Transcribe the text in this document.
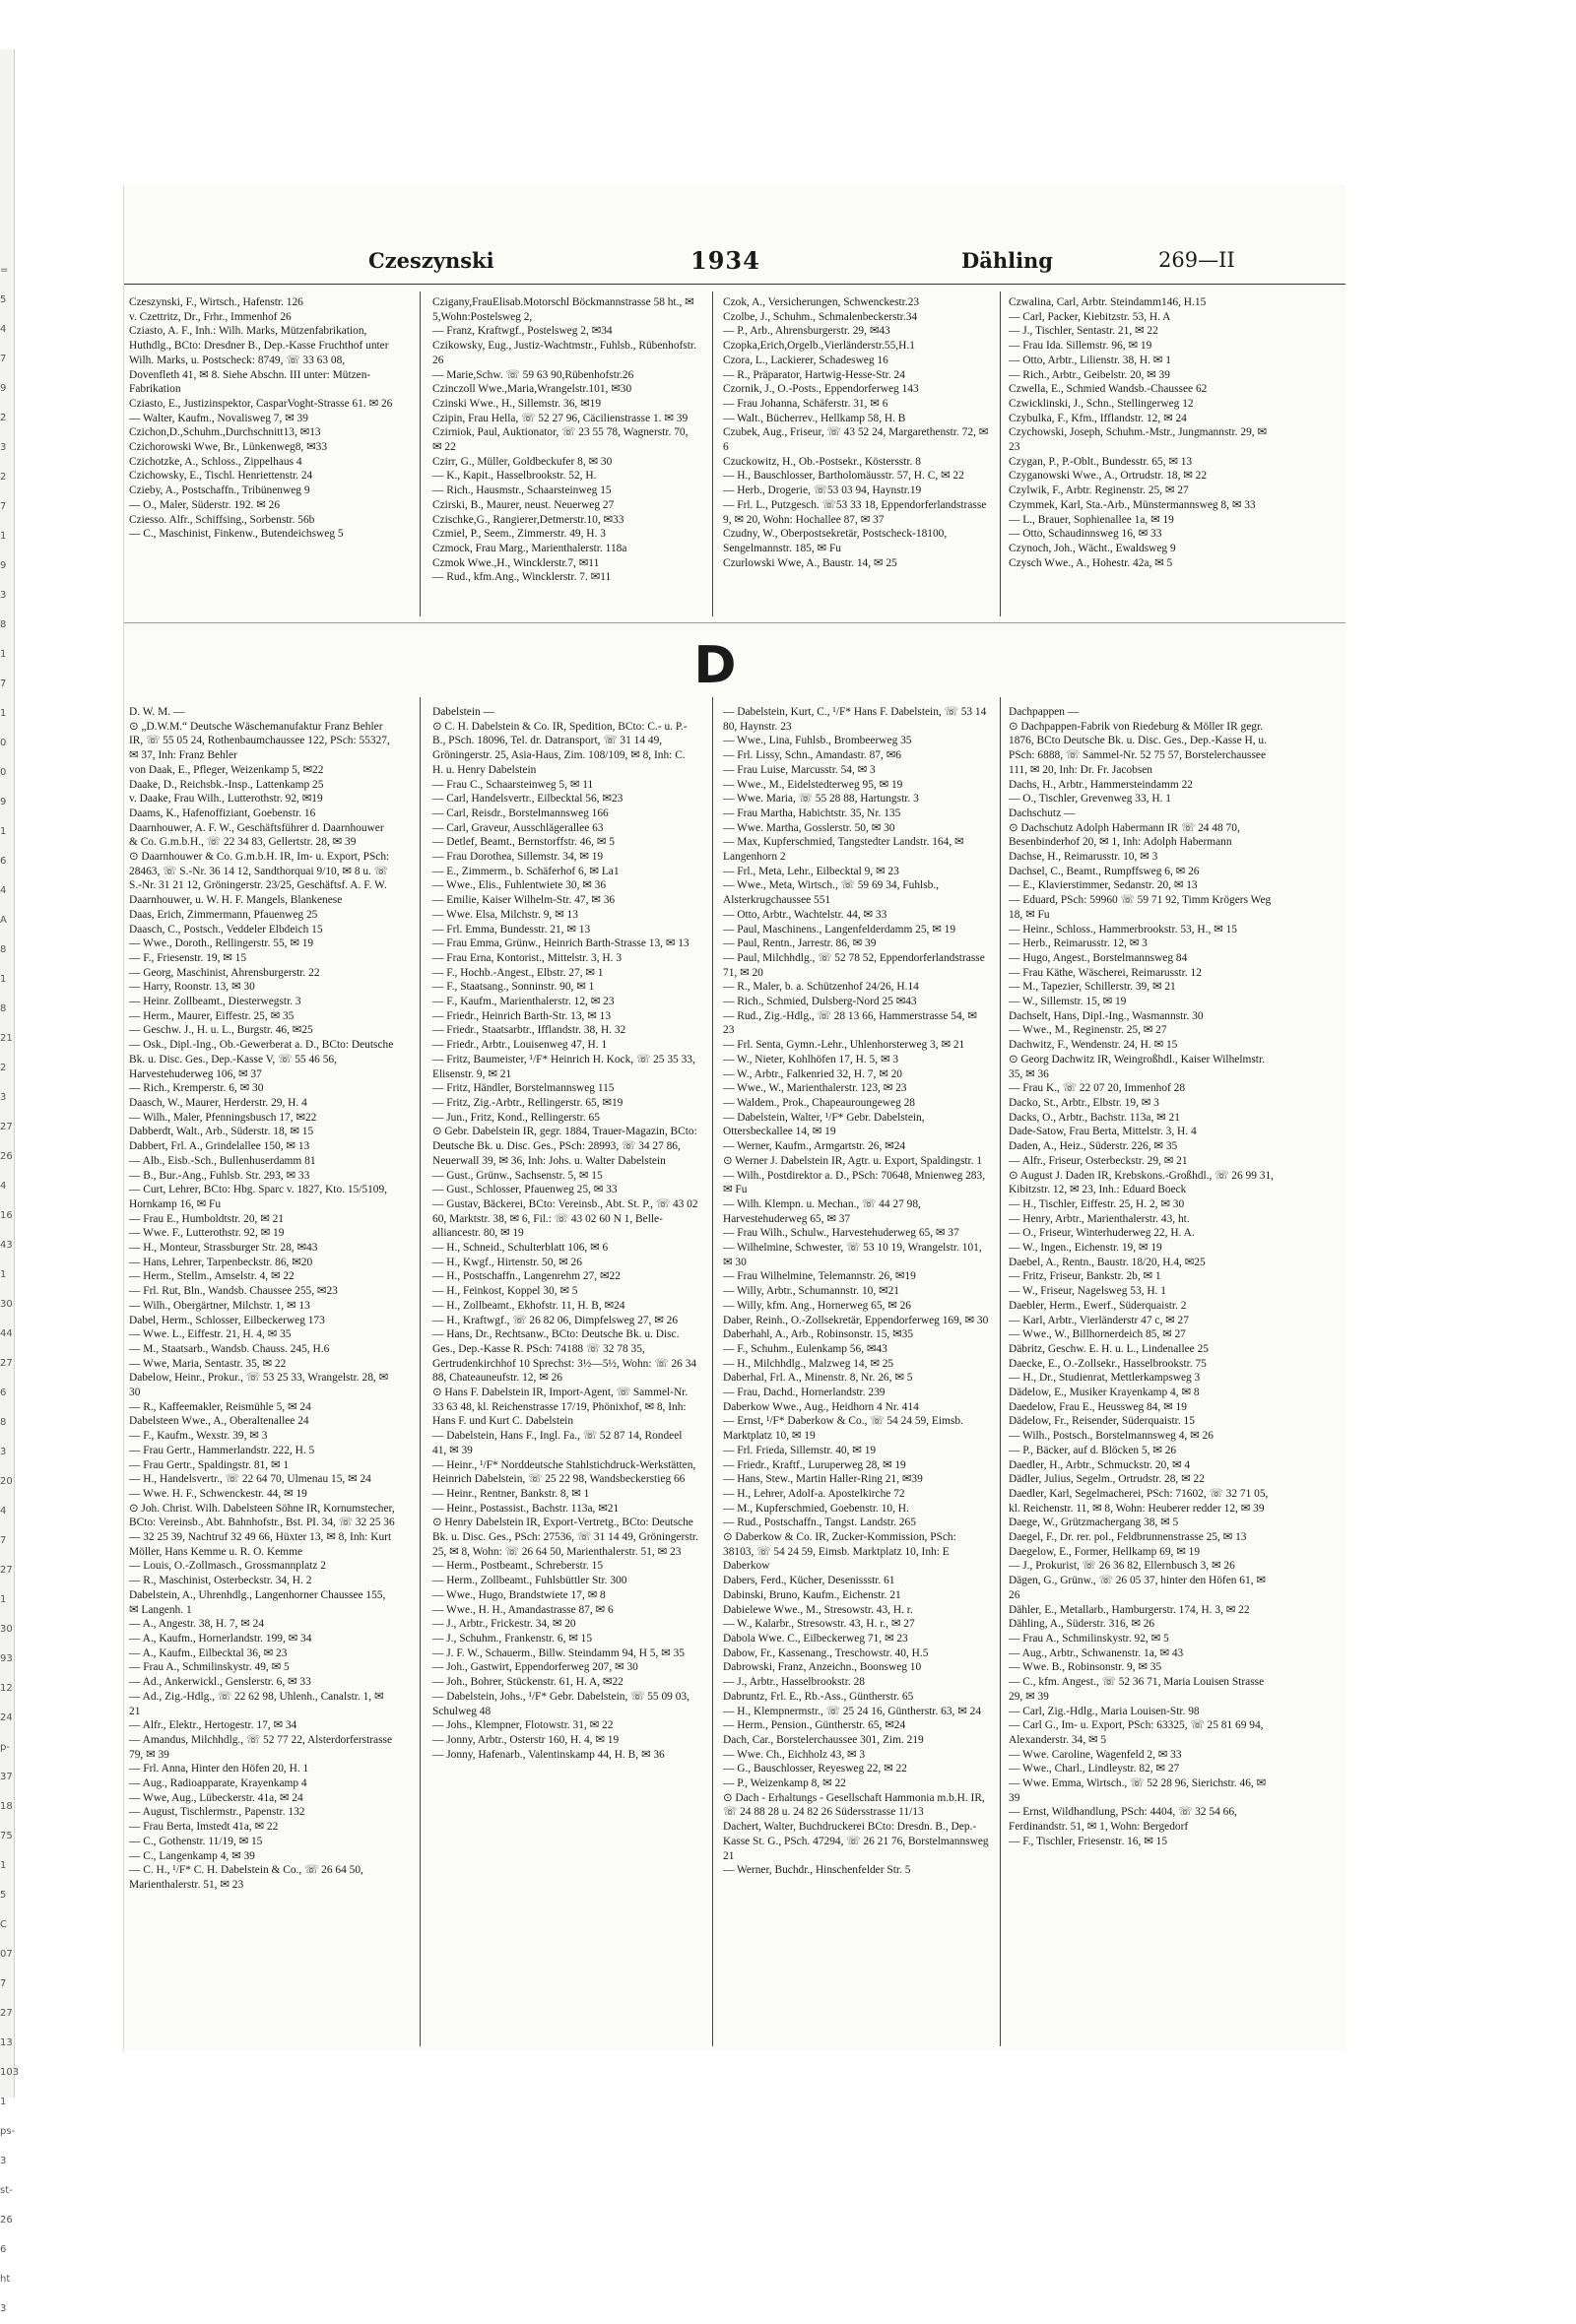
= 5 4 7 9 2 3 2 7 1 9 3 8 1 7 1 0 0 9 1 6 4 A 8 1 8 21 2 3 27 26 4 16 43 1 30 44 27 6 8 3 20 4 7 27 1 30 93 12 24 p- 37 18 75 1 5 C 07 7 27 13 103 1 ps- 3 st- 26 6 ht 3
Czeszynski	1934	Dähling	269—II

Czeszynski, F., Wirtsch., Hafenstr. 126

v. Czettritz, Dr., Frhr., Immenhof 26

Cziasto, A. F., Inh.: Wilh. Marks, Mützenfabrikation, Huthdlg., BCto: Dresdner B., Dep.-Kasse Fruchthof unter Wilh. Marks, u. Postscheck: 8749, ☏ 33 63 08, Dovenfleth 41, ✉ 8. Siehe Abschn. III unter: Mützen-Fabrikation

Cziasto, E., Justizinspektor, CasparVoght-Strasse 61. ✉ 26

— Walter, Kaufm., Novalisweg 7, ✉ 39

Czichon,D.,Schuhm.,Durchschnitt13, ✉13

Czichorowski Wwe, Br., Lünkenweg8, ✉33

Czichotzke, A., Schloss., Zippelhaus 4

Czichowsky, E., Tischl. Henriettenstr. 24

Czieby, A., Postschaffn., Tribünenweg 9

— O., Maler, Süderstr. 192. ✉ 26

Cziesso. Alfr., Schiffsing., Sorbenstr. 56b

— C., Maschinist, Finkenw., Butendeichsweg 5

Czigany,FrauElisab.Motorschl Böckmannstrasse 58 ht., ✉5,Wohn:Postelsweg 2,

— Franz, Kraftwgf., Postelsweg 2, ✉34

Czikowsky, Eug., Justiz-Wachtmstr., Fuhlsb., Rübenhofstr. 26

— Marie,Schw. ☏ 59 63 90,Rübenhofstr.26

Czinczoll Wwe.,Maria,Wrangelstr.101, ✉30

Czinski Wwe., H., Sillemstr. 36, ✉19

Czipin, Frau Hella, ☏ 52 27 96, Cäcilienstrasse 1. ✉ 39

Czirniok, Paul, Auktionator, ☏ 23 55 78, Wagnerstr. 70, ✉ 22

Czirr, G., Müller, Goldbeckufer 8, ✉ 30

— K., Kapit., Hasselbrookstr. 52, H.

— Rich., Hausmstr., Schaarsteinweg 15

Czirski, B., Maurer, neust. Neuerweg 27

Czischke,G., Rangierer,Detmerstr.10, ✉33

Czmiel, P., Seem., Zimmerstr. 49, H. 3

Czmock, Frau Marg., Marienthalerstr. 118a

Czmok Wwe.,H., Wincklerstr.7, ✉11

— Rud., kfm.Ang., Wincklerstr. 7. ✉11

Czok, A., Versicherungen, Schwenckestr.23

Czolbe, J., Schuhm., Schmalenbeckerstr.34

— P., Arb., Ahrensburgerstr. 29, ✉43

Czopka,Erich,Orgelb.,Vierländerstr.55,H.1

Czora, L., Lackierer, Schadesweg 16

— R., Präparator, Hartwig-Hesse-Str. 24

Czornik, J., O.-Posts., Eppendorferweg 143

— Frau Johanna, Schäferstr. 31, ✉ 6

— Walt., Bücherrev., Hellkamp 58, H. B

Czubek, Aug., Friseur, ☏ 43 52 24, Margarethenstr. 72, ✉ 6

Czuckowitz, H., Ob.-Postsekr., Köstersstr. 8

— H., Bauschlosser, Bartholomäusstr. 57, H. C, ✉ 22

— Herb., Drogerie, ☏53 03 94, Haynstr.19

— Frl. L., Putzgesch. ☏53 33 18, Eppendorferlandstrasse 9, ✉ 20, Wohn: Hochallee 87, ✉ 37

Czudny, W., Oberpostsekretär, Postscheck-18100, Sengelmannstr. 185, ✉ Fu

Czurlowski Wwe, A., Baustr. 14, ✉ 25

Czwalina, Carl, Arbtr. Steindamm146, H.15

— Carl, Packer, Kiebitzstr. 53, H. A

— J., Tischler, Sentastr. 21, ✉ 22

— Frau Ida. Sillemstr. 96, ✉ 19

— Otto, Arbtr., Lilienstr. 38, H. ✉ 1

— Rich., Arbtr., Geibelstr. 20, ✉ 39

Czwella, E., Schmied Wandsb.-Chaussee 62

Czwicklinski, J., Schn., Stellingerweg 12

Czybulka, F., Kfm., Ifflandstr. 12, ✉ 24

Czychowski, Joseph, Schuhm.-Mstr., Jungmannstr. 29, ✉ 23

Czygan, P., P.-Oblt., Bundesstr. 65, ✉ 13

Czyganowski Wwe., A., Ortrudstr. 18, ✉ 22

Czylwik, F., Arbtr. Reginenstr. 25, ✉ 27

Czymmek, Karl, Sta.-Arb., Münstermannsweg 8, ✉ 33

— L., Brauer, Sophienallee 1a, ✉ 19

— Otto, Schaudinnsweg 16, ✉ 33

Czynoch, Joh., Wächt., Ewaldsweg 9

Czysch Wwe., A., Hohestr. 42a, ✉ 5

D

D. W. M. —

⊙ „D.W.M.“ Deutsche Wäschemanufaktur Franz Behler IR, ☏ 55 05 24, Rothenbaumchaussee 122, PSch: 55327, ✉ 37, Inh: Franz Behler

von Daak, E., Pfleger, Weizenkamp 5, ✉22

Daake, D., Reichsbk.-Insp., Lattenkamp 25

v. Daake, Frau Wilh., Lutterothstr. 92, ✉19

Daams, K., Hafenoffiziant, Goebenstr. 16

Daarnhouwer, A. F. W., Geschäftsführer d. Daarnhouwer & Co. G.m.b.H., ☏ 22 34 83, Gellertstr. 28, ✉ 39

⊙ Daarnhouwer & Co. G.m.b.H. IR, Im- u. Export, PSch: 28463, ☏ S.-Nr. 36 14 12, Sandthorquai 9/10, ✉ 8 u. ☏ S.-Nr. 31 21 12, Gröningerstr. 23/25, Geschäftsf. A. F. W. Daarnhouwer, u. W. H. F. Mangels, Blankenese

Daas, Erich, Zimmermann, Pfauenweg 25

Daasch, C., Postsch., Veddeler Elbdeich 15

— Wwe., Doroth., Rellingerstr. 55, ✉ 19

— F., Friesenstr. 19, ✉ 15

— Georg, Maschinist, Ahrensburgerstr. 22

— Harry, Roonstr. 13, ✉ 30

— Heinr. Zollbeamt., Diesterwegstr. 3

— Herm., Maurer, Eiffestr. 25, ✉ 35

— Geschw. J., H. u. L., Burgstr. 46, ✉25

— Osk., Dipl.-Ing., Ob.-Gewerberat a. D., BCto: Deutsche Bk. u. Disc. Ges., Dep.-Kasse V, ☏ 55 46 56, Harvestehuderweg 106, ✉ 37

— Rich., Kremperstr. 6, ✉ 30

Daasch, W., Maurer, Herderstr. 29, H. 4

— Wilh., Maler, Pfenningsbusch 17, ✉22

Dabberdt, Walt., Arb., Süderstr. 18, ✉ 15

Dabbert, Frl. A., Grindelallee 150, ✉ 13

— Alb., Eisb.-Sch., Bullenhuserdamm 81

— B., Bur.-Ang., Fuhlsb. Str. 293, ✉ 33

— Curt, Lehrer, BCto: Hbg. Sparc v. 1827, Kto. 15/5109, Hornkamp 16, ✉ Fu

— Frau E., Humboldtstr. 20, ✉ 21

— Wwe. F., Lutterothstr. 92, ✉ 19

— H., Monteur, Strassburger Str. 28, ✉43

— Hans, Lehrer, Tarpenbeckstr. 86, ✉20

— Herm., Stellm., Amselstr. 4, ✉ 22

— Frl. Rut, Bln., Wandsb. Chaussee 255, ✉23

— Wilh., Obergärtner, Milchstr. 1, ✉ 13

Dabel, Herm., Schlosser, Eilbeckerweg 173

— Wwe. L., Eiffestr. 21, H. 4, ✉ 35

— M., Staatsarb., Wandsb. Chauss. 245, H.6

— Wwe, Maria, Sentastr. 35, ✉ 22

Dabelow, Heinr., Prokur., ☏ 53 25 33, Wrangelstr. 28, ✉ 30

— R., Kaffeemakler, Reismühle 5, ✉ 24

Dabelsteen Wwe., A., Oberaltenallee 24

— F., Kaufm., Wexstr. 39, ✉ 3

— Frau Gertr., Hammerlandstr. 222, H. 5

— Frau Gertr., Spaldingstr. 81, ✉ 1

— H., Handelsvertr., ☏ 22 64 70, Ulmenau 15, ✉ 24

— Wwe. H. F., Schwenckestr. 44, ✉ 19

⊙ Joh. Christ. Wilh. Dabelsteen Söhne IR, Kornumstecher, BCto: Vereinsb., Abt. Bahnhofstr., Bst. PI. 34, ☏ 32 25 36 — 32 25 39, Nachtruf 32 49 66, Hüxter 13, ✉ 8, Inh: Kurt Möller, Hans Kemme u. R. O. Kemme

— Louis, O.-Zollmasch., Grossmannplatz 2

— R., Maschinist, Osterbeckstr. 34, H. 2

Dabelstein, A., Uhrenhdlg., Langenhorner Chaussee 155, ✉ Langenh. 1

— A., Angestr. 38, H. 7, ✉ 24

— A., Kaufm., Hornerlandstr. 199, ✉ 34

— A., Kaufm., Eilbecktal 36, ✉ 23

— Frau A., Schmilinskystr. 49, ✉ 5

— Ad., Ankerwickl., Genslerstr. 6, ✉ 33

— Ad., Zig.-Hdlg., ☏ 22 62 98, Uhlenh., Canalstr. 1, ✉ 21

— Alfr., Elektr., Hertogestr. 17, ✉ 34

— Amandus, Milchhdlg., ☏ 52 77 22, Alsterdorferstrasse 79, ✉ 39

— Frl. Anna, Hinter den Höfen 20, H. 1

— Aug., Radioapparate, Krayenkamp 4

— Wwe, Aug., Lübeckerstr. 41a, ✉ 24

— August, Tischlermstr., Papenstr. 132

— Frau Berta, Imstedt 41a, ✉ 22

— C., Gothenstr. 11/19, ✉ 15

— C., Langenkamp 4, ✉ 39

— C. H., ¹/F* C. H. Dabelstein & Co., ☏ 26 64 50, Marienthalerstr. 51, ✉ 23

Dabelstein —

⊙ C. H. Dabelstein & Co. IR, Spedition, BCto: C.- u. P.-B., PSch. 18096, Tel. dr. Datransport, ☏ 31 14 49, Gröningerstr. 25, Asia-Haus, Zim. 108/109, ✉ 8, Inh: C. H. u. Henry Dabelstein

— Frau C., Schaarsteinweg 5, ✉ 11

— Carl, Handelsvertr., Eilbecktal 56, ✉23

— Carl, Reisdr., Borstelmannsweg 166

— Carl, Graveur, Ausschlägerallee 63

— Detlef, Beamt., Bernstorffstr. 46, ✉ 5

— Frau Dorothea, Sillemstr. 34, ✉ 19

— E., Zimmerm., b. Schäferhof 6, ✉ La1

— Wwe., Elis., Fuhlentwiete 30, ✉ 36

— Emilie, Kaiser Wilhelm-Str. 47, ✉ 36

— Wwe. Elsa, Milchstr. 9, ✉ 13

— Frl. Emma, Bundesstr. 21, ✉ 13

— Frau Emma, Grünw., Heinrich Barth-Strasse 13, ✉ 13

— Frau Erna, Kontorist., Mittelstr. 3, H. 3

— F., Hochb.-Angest., Elbstr. 27, ✉ 1

— F., Staatsang., Sonninstr. 90, ✉ 1

— F., Kaufm., Marienthalerstr. 12, ✉ 23

— Friedr., Heinrich Barth-Str. 13, ✉ 13

— Friedr., Staatsarbtr., Ifflandstr. 38, H. 32

— Friedr., Arbtr., Louisenweg 47, H. 1

— Fritz, Baumeister, ¹/F* Heinrich H. Kock, ☏ 25 35 33, Elisenstr. 9, ✉ 21

— Fritz, Händler, Borstelmannsweg 115

— Fritz, Zig.-Arbtr., Rellingerstr. 65, ✉19

— Jun., Fritz, Kond., Rellingerstr. 65

⊙ Gebr. Dabelstein IR, gegr. 1884, Trauer-Magazin, BCto: Deutsche Bk. u. Disc. Ges., PSch: 28993, ☏ 34 27 86, Neuerwall 39, ✉ 36, Inh: Johs. u. Walter Dabelstein

— Gust., Grünw., Sachsenstr. 5, ✉ 15

— Gust., Schlosser, Pfauenweg 25, ✉ 33

— Gustav, Bäckerei, BCto: Vereinsb., Abt. St. P., ☏ 43 02 60, Marktstr. 38, ✉ 6, Fil.: ☏ 43 02 60 N 1, Belle-alliancestr. 80, ✉ 19

— H., Schneid., Schulterblatt 106, ✉ 6

— H., Kwgf., Hirtenstr. 50, ✉ 26

— H., Postschaffn., Langenrehm 27, ✉22

— H., Feinkost, Koppel 30, ✉ 5

— H., Zollbeamt., Ekhofstr. 11, H. B, ✉24

— H., Kraftwgf., ☏ 26 82 06, Dimpfelsweg 27, ✉ 26

— Hans, Dr., Rechtsanw., BCto: Deutsche Bk. u. Disc. Ges., Dep.-Kasse R. PSch: 74188 ☏ 32 78 35, Gertrudenkirchhof 10 Sprechst: 3½—5½, Wohn: ☏ 26 34 88, Chateauneufstr. 12, ✉ 26

⊙ Hans F. Dabelstein IR, Import-Agent, ☏ Sammel-Nr. 33 63 48, kl. Reichenstrasse 17/19, Phönixhof, ✉ 8, Inh: Hans F. und Kurt C. Dabelstein

— Dabelstein, Hans F., Ingl. Fa., ☏ 52 87 14, Rondeel 41, ✉ 39

— Heinr., ¹/F* Norddeutsche Stahlstichdruck-Werkstätten, Heinrich Dabelstein, ☏ 25 22 98, Wandsbeckerstieg 66

— Heinr., Rentner, Bankstr. 8, ✉ 1

— Heinr., Postassist., Bachstr. 113a, ✉21

⊙ Henry Dabelstein IR, Export-Vertretg., BCto: Deutsche Bk. u. Disc. Ges., PSch: 27536, ☏ 31 14 49, Gröningerstr. 25, ✉ 8, Wohn: ☏ 26 64 50, Marienthalerstr. 51, ✉ 23

— Herm., Postbeamt., Schreberstr. 15

— Herm., Zollbeamt., Fuhlsbüttler Str. 300

— Wwe., Hugo, Brandstwiete 17, ✉ 8

— Wwe., H. H., Amandastrasse 87, ✉ 6

— J., Arbtr., Frickestr. 34, ✉ 20

— J., Schuhm., Frankenstr. 6, ✉ 15

— J. F. W., Schauerm., Billw. Steindamm 94, H 5, ✉ 35

— Joh., Gastwirt, Eppendorferweg 207, ✉ 30

— Joh., Bohrer, Stückenstr. 61, H. A, ✉22

— Dabelstein, Johs., ¹/F* Gebr. Dabelstein, ☏ 55 09 03, Schulweg 48

— Johs., Klempner, Flotowstr. 31, ✉ 22

— Jonny, Arbtr., Osterstr 160, H. 4, ✉ 19

— Jonny, Hafenarb., Valentinskamp 44, H. B, ✉ 36

— Dabelstein, Kurt, C., ¹/F* Hans F. Dabelstein, ☏ 53 14 80, Haynstr. 23

— Wwe., Lina, Fuhlsb., Brombeerweg 35

— Frl. Lissy, Schn., Amandastr. 87, ✉6

— Frau Luise, Marcusstr. 54, ✉ 3

— Wwe., M., Eidelstedterweg 95, ✉ 19

— Wwe. Maria, ☏ 55 28 88, Hartungstr. 3

— Frau Martha, Habichtstr. 35, Nr. 135

— Wwe. Martha, Gosslerstr. 50, ✉ 30

— Max, Kupferschmied, Tangstedter Landstr. 164, ✉ Langenhorn 2

— Frl., Meta, Lehr., Eilbecktal 9, ✉ 23

— Wwe., Meta, Wirtsch., ☏ 59 69 34, Fuhlsb., Alsterkrugchaussee 551

— Otto, Arbtr., Wachtelstr. 44, ✉ 33

— Paul, Maschinens., Langenfelderdamm 25, ✉ 19

— Paul, Rentn., Jarrestr. 86, ✉ 39

— Paul, Milchhdlg., ☏ 52 78 52, Eppendorferlandstrasse 71, ✉ 20

— R., Maler, b. a. Schützenhof 24/26, H.14

— Rich., Schmied, Dulsberg-Nord 25 ✉43

— Rud., Zig.-Hdlg., ☏ 28 13 66, Hammerstrasse 54, ✉ 23

— Frl. Senta, Gymn.-Lehr., Uhlenhorsterweg 3, ✉ 21

— W., Nieter, Kohlhöfen 17, H. 5, ✉ 3

— W., Arbtr., Falkenried 32, H. 7, ✉ 20

— Wwe., W., Marienthalerstr. 123, ✉ 23

— Waldem., Prok., Chapeauroungeweg 28

— Dabelstein, Walter, ¹/F* Gebr. Dabelstein, Ottersbeckallee 14, ✉ 19

— Werner, Kaufm., Armgartstr. 26, ✉24

⊙ Werner J. Dabelstein IR, Agtr. u. Export, Spaldingstr. 1

— Wilh., Postdirektor a. D., PSch: 70648, Mnienweg 283, ✉ Fu

— Wilh. Klempn. u. Mechan., ☏ 44 27 98, Harvestehuderweg 65, ✉ 37

— Frau Wilh., Schulw., Harvestehuderweg 65, ✉ 37

— Wilhelmine, Schwester, ☏ 53 10 19, Wrangelstr. 101, ✉ 30

— Frau Wilhelmine, Telemannstr. 26, ✉19

— Willy, Arbtr., Schumannstr. 10, ✉21

— Willy, kfm. Ang., Hornerweg 65, ✉ 26

Daber, Reinh., O.-Zollsekretär, Eppendorferweg 169, ✉ 30

Daberhahl, A., Arb., Robinsonstr. 15, ✉35

— F., Schuhm., Eulenkamp 56, ✉43

— H., Milchhdlg., Malzweg 14, ✉ 25

Daberhal, Frl. A., Minenstr. 8, Nr. 26, ✉ 5

— Frau, Dachd., Hornerlandstr. 239

Daberkow Wwe., Aug., Heidhorn 4 Nr. 414

— Ernst, ¹/F* Daberkow & Co., ☏ 54 24 59, Eimsb. Marktplatz 10, ✉ 19

— Frl. Frieda, Sillemstr. 40, ✉ 19

— Friedr., Kraftf., Luruperweg 28, ✉ 19

— Hans, Stew., Martin Haller-Ring 21, ✉39

— H., Lehrer, Adolf-a. Apostelkirche 72

— M., Kupferschmied, Goebenstr. 10, H.

— Rud., Postschaffn., Tangst. Landstr. 265

⊙ Daberkow & Co. IR, Zucker-Kommission, PSch: 38103, ☏ 54 24 59, Eimsb. Marktplatz 10, Inh: E Daberkow

Dabers, Ferd., Kücher, Desenissstr. 61

Dabinski, Bruno, Kaufm., Eichenstr. 21

Dabielewe Wwe., M., Stresowstr. 43, H. r.

— W., Kalarbr., Stresowstr. 43, H. r., ✉ 27

Dabola Wwe. C., Eilbeckerweg 71, ✉ 23

Dabow, Fr., Kassenang., Treschowstr. 40, H.5

Dabrowski, Franz, Anzeichn., Boonsweg 10

— J., Arbtr., Hasselbrookstr. 28

Dabruntz, Frl. E., Rb.-Ass., Güntherstr. 65

— H., Klempnermstr., ☏ 25 24 16, Güntherstr. 63, ✉ 24

— Herm., Pension., Güntherstr. 65, ✉24

Dach, Car., Borstelerchaussee 301, Zim. 219

— Wwe. Ch., Eichholz 43, ✉ 3

— G., Bauschlosser, Reyesweg 22, ✉ 22

— P., Weizenkamp 8, ✉ 22

⊙ Dach - Erhaltungs - Gesellschaft Hammonia m.b.H. IR, ☏ 24 88 28 u. 24 82 26 Südersstrasse 11/13

Dachert, Walter, Buchdruckerei BCto: Dresdn. B., Dep.-Kasse St. G., PSch. 47294, ☏ 26 21 76, Borstelmannsweg 21

— Werner, Buchdr., Hinschenfelder Str. 5

Dachpappen —

⊙ Dachpappen-Fabrik von Riedeburg & Möller IR gegr. 1876, BCto Deutsche Bk. u. Disc. Ges., Dep.-Kasse H, u. PSch: 6888, ☏ Sammel-Nr. 52 75 57, Borstelerchaussee 111, ✉ 20, Inh: Dr. Fr. Jacobsen

Dachs, H., Arbtr., Hammersteindamm 22

— O., Tischler, Grevenweg 33, H. 1

Dachschutz —

⊙ Dachschutz Adolph Habermann IR ☏ 24 48 70, Besenbinderhof 20, ✉ 1, Inh: Adolph Habermann

Dachse, H., Reimarusstr. 10, ✉ 3

Dachsel, C., Beamt., Rumpffsweg 6, ✉ 26

— E., Klavierstimmer, Sedanstr. 20, ✉ 13

— Eduard, PSch: 59960 ☏ 59 71 92, Timm Krögers Weg 18, ✉ Fu

— Heinr., Schloss., Hammerbrookstr. 53, H., ✉ 15

— Herb., Reimarusstr. 12, ✉ 3

— Hugo, Angest., Borstelmannsweg 84

— Frau Käthe, Wäscherei, Reimarusstr. 12

— M., Tapezier, Schillerstr. 39, ✉ 21

— W., Sillemstr. 15, ✉ 19

Dachselt, Hans, Dipl.-Ing., Wasmannstr. 30

— Wwe., M., Reginenstr. 25, ✉ 27

Dachwitz, F., Wendenstr. 24, H. ✉ 15

⊙ Georg Dachwitz IR, Weingroßhdl., Kaiser Wilhelmstr. 35, ✉ 36

— Frau K., ☏ 22 07 20, Immenhof 28

Dacko, St., Arbtr., Elbstr. 19, ✉ 3

Dacks, O., Arbtr., Bachstr. 113a, ✉ 21

Dade-Satow, Frau Berta, Mittelstr. 3, H. 4

Daden, A., Heiz., Süderstr. 226, ✉ 35

— Alfr., Friseur, Osterbeckstr. 29, ✉ 21

⊙ August J. Daden IR, Krebskons.-Großhdl., ☏ 26 99 31, Kibitzstr. 12, ✉ 23, Inh.: Eduard Boeck

— H., Tischler, Eiffestr. 25, H. 2, ✉ 30

— Henry, Arbtr., Marienthalerstr. 43, ht.

— O., Friseur, Winterhuderweg 22, H. A.

— W., Ingen., Eichenstr. 19, ✉ 19

Daebel, A., Rentn., Baustr. 18/20, H.4, ✉25

— Fritz, Friseur, Bankstr. 2b, ✉ 1

— W., Friseur, Nagelsweg 53, H. 1

Daebler, Herm., Ewerf., Süderquaistr. 2

— Karl, Arbtr., Vierländerstr 47 c, ✉ 27

— Wwe., W., Billhornerdeich 85, ✉ 27

Däbritz, Geschw. E. H. u. L., Lindenallee 25

Daecke, E., O.-Zollsekr., Hasselbrookstr. 75

— H., Dr., Studienrat, Mettlerkampsweg 3

Dädelow, E., Musiker Krayenkamp 4, ✉ 8

Daedelow, Frau E., Heussweg 84, ✉ 19

Dädelow, Fr., Reisender, Süderquaistr. 15

— Wilh., Postsch., Borstelmannsweg 4, ✉ 26

— P., Bäcker, auf d. Blöcken 5, ✉ 26

Daedler, H., Arbtr., Schmuckstr. 20, ✉ 4

Dädler, Julius, Segelm., Ortrudstr. 28, ✉ 22

Daedler, Karl, Segelmacherei, PSch: 71602, ☏ 32 71 05, kl. Reichenstr. 11, ✉ 8, Wohn: Heuberer redder 12, ✉ 39

Daege, W., Grützmachergang 38, ✉ 5

Daegel, F., Dr. rer. pol., Feldbrunnenstrasse 25, ✉ 13

Daegelow, E., Former, Hellkamp 69, ✉ 19

— J., Prokurist, ☏ 26 36 82, Ellernbusch 3, ✉ 26

Dägen, G., Grünw., ☏ 26 05 37, hinter den Höfen 61, ✉ 26

Dähler, E., Metallarb., Hamburgerstr. 174, H. 3, ✉ 22

Dähling, A., Süderstr. 316, ✉ 26

— Frau A., Schmilinskystr. 92, ✉ 5

— Aug., Arbtr., Schwanenstr. 1a, ✉ 43

— Wwe. B., Robinsonstr. 9, ✉ 35

— C., kfm. Angest., ☏ 52 36 71, Maria Louisen Strasse 29, ✉ 39

— Carl, Zig.-Hdlg., Maria Louisen-Str. 98

— Carl G., Im- u. Export, PSch: 63325, ☏ 25 81 69 94, Alexanderstr. 34, ✉ 5

— Wwe. Caroline, Wagenfeld 2, ✉ 33

— Wwe., Charl., Lindleystr. 82, ✉ 27

— Wwe. Emma, Wirtsch., ☏ 52 28 96, Sierichstr. 46, ✉ 39

— Ernst, Wildhandlung, PSch: 4404, ☏ 32 54 66, Ferdinandstr. 51, ✉ 1, Wohn: Bergedorf

— F., Tischler, Friesenstr. 16, ✉ 15
